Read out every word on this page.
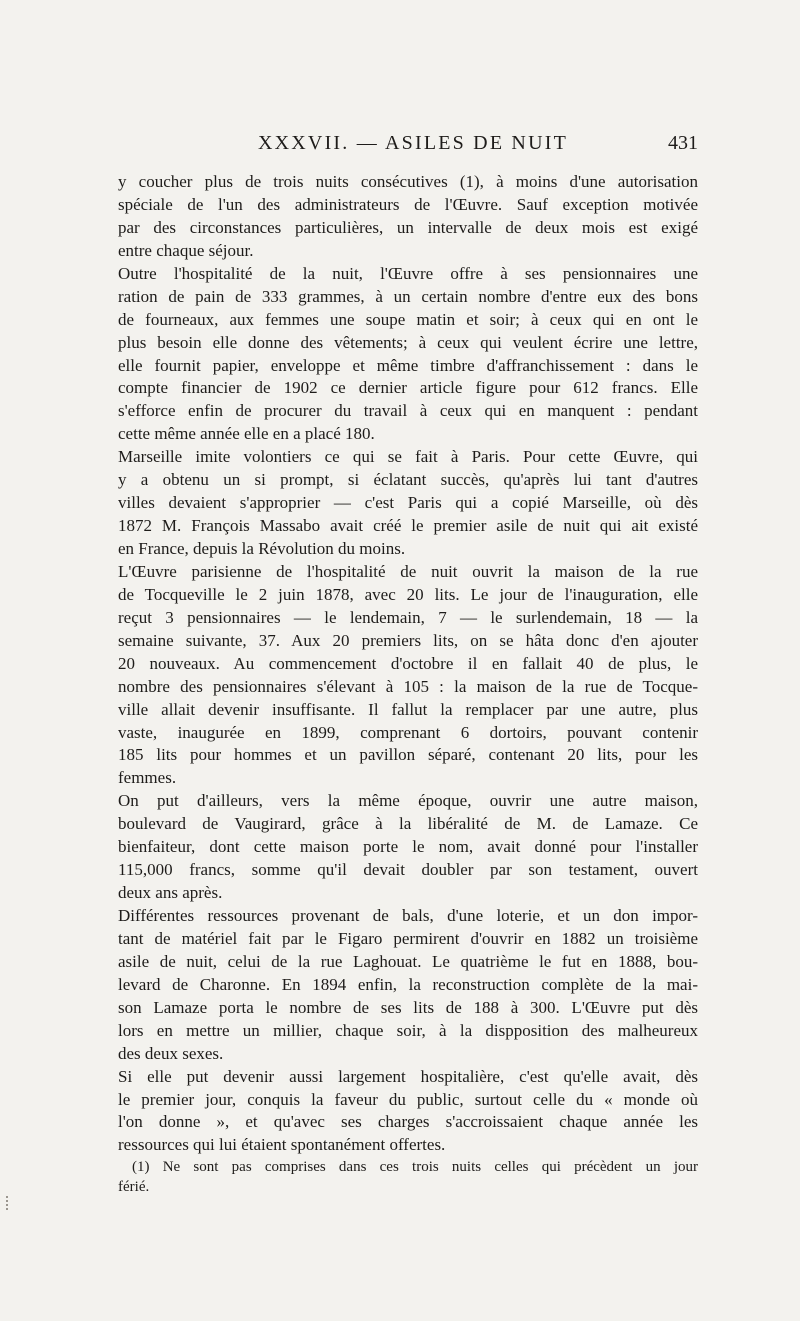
XXXVII. — ASILES DE NUIT	431
y coucher plus de trois nuits consécutives (1), à moins d'une autorisation
spéciale de l'un des administrateurs de l'Œuvre. Sauf exception motivée
par des circonstances particulières, un intervalle de deux mois est exigé
entre chaque séjour.
Outre l'hospitalité de la nuit, l'Œuvre offre à ses pensionnaires une
ration de pain de 333 grammes, à un certain nombre d'entre eux des bons
de fourneaux, aux femmes une soupe matin et soir; à ceux qui en ont le
plus besoin elle donne des vêtements; à ceux qui veulent écrire une lettre,
elle fournit papier, enveloppe et même timbre d'affranchissement : dans le
compte financier de 1902 ce dernier article figure pour 612 francs. Elle
s'efforce enfin de procurer du travail à ceux qui en manquent : pendant
cette même année elle en a placé 180.
Marseille imite volontiers ce qui se fait à Paris. Pour cette Œuvre, qui
y a obtenu un si prompt, si éclatant succès, qu'après lui tant d'autres
villes devaient s'approprier — c'est Paris qui a copié Marseille, où dès
1872 M. François Massabo avait créé le premier asile de nuit qui ait existé
en France, depuis la Révolution du moins.
L'Œuvre parisienne de l'hospitalité de nuit ouvrit la maison de la rue
de Tocqueville le 2 juin 1878, avec 20 lits. Le jour de l'inauguration, elle
reçut 3 pensionnaires — le lendemain, 7 — le surlendemain, 18 — la
semaine suivante, 37. Aux 20 premiers lits, on se hâta donc d'en ajouter
20 nouveaux. Au commencement d'octobre il en fallait 40 de plus, le
nombre des pensionnaires s'élevant à 105 : la maison de la rue de Tocque-
ville allait devenir insuffisante. Il fallut la remplacer par une autre, plus
vaste, inaugurée en 1899, comprenant 6 dortoirs, pouvant contenir
185 lits pour hommes et un pavillon séparé, contenant 20 lits, pour les
femmes.
On put d'ailleurs, vers la même époque, ouvrir une autre maison,
boulevard de Vaugirard, grâce à la libéralité de M. de Lamaze. Ce
bienfaiteur, dont cette maison porte le nom, avait donné pour l'installer
115,000 francs, somme qu'il devait doubler par son testament, ouvert
deux ans après.
Différentes ressources provenant de bals, d'une loterie, et un don impor-
tant de matériel fait par le Figaro permirent d'ouvrir en 1882 un troisième
asile de nuit, celui de la rue Laghouat. Le quatrième le fut en 1888, bou-
levard de Charonne. En 1894 enfin, la reconstruction complète de la mai-
son Lamaze porta le nombre de ses lits de 188 à 300. L'Œuvre put dès
lors en mettre un millier, chaque soir, à la dispposition des malheureux
des deux sexes.
Si elle put devenir aussi largement hospitalière, c'est qu'elle avait, dès
le premier jour, conquis la faveur du public, surtout celle du « monde où
l'on donne », et qu'avec ses charges s'accroissaient chaque année les
ressources qui lui étaient spontanément offertes.
(1) Ne sont pas comprises dans ces trois nuits celles qui précèdent un jour
férié.
